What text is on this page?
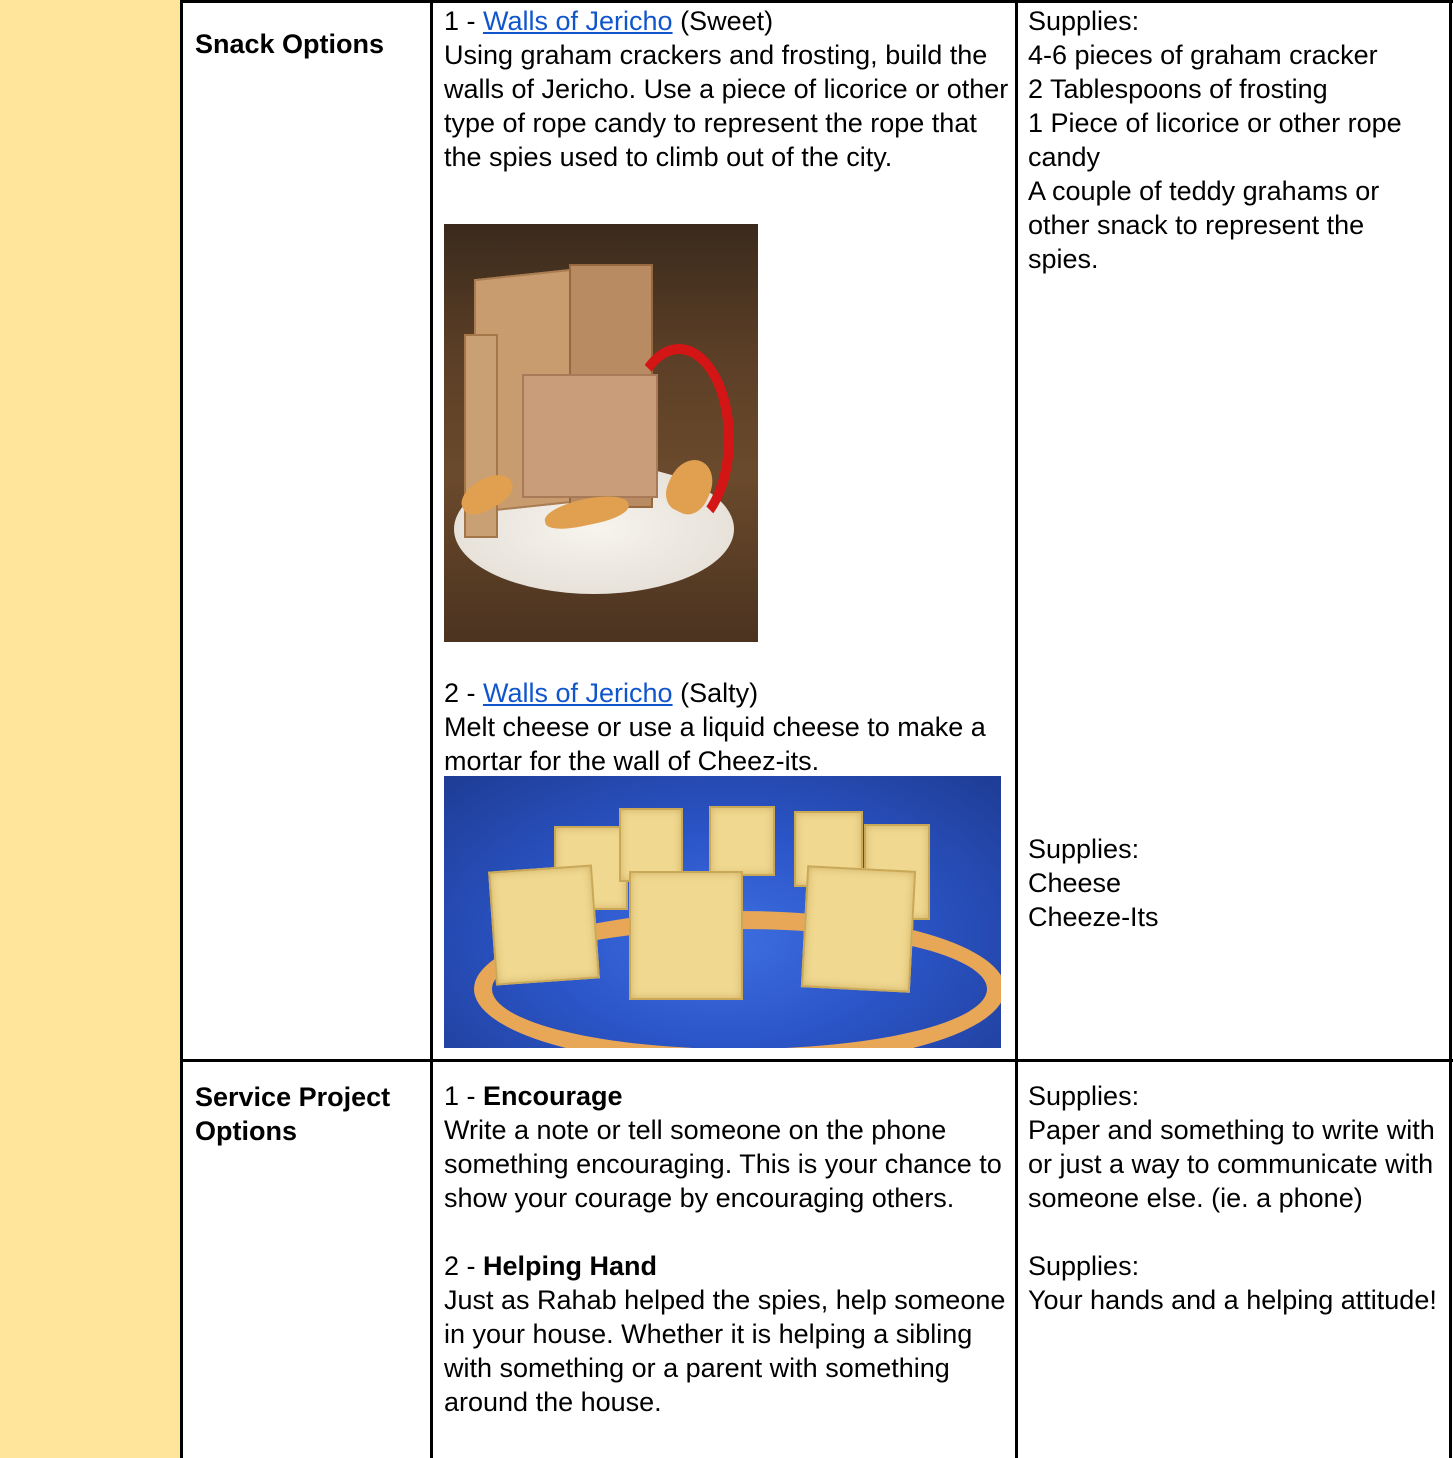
Snack Options
1 - Walls of Jericho (Sweet)
Using graham crackers and frosting, build the walls of Jericho. Use a piece of licorice or other type of rope candy to represent the rope that the spies used to climb out of the city.
2 - Walls of Jericho (Salty)
Melt cheese or use a liquid cheese to make a mortar for the wall of Cheez-its.
Supplies:
4-6 pieces of graham cracker
2 Tablespoons of frosting
1 Piece of licorice or other rope candy
A couple of teddy grahams or other snack to represent the spies.
Supplies:
Cheese
Cheeze-Its
Service Project Options
1 - Encourage
Write a note or tell someone on the phone something encouraging. This is your chance to show your courage by encouraging others.
2 - Helping Hand
Just as Rahab helped the spies, help someone in your house. Whether it is helping a sibling with something or a parent with something around the house.
Supplies:
Paper and something to write with or just a way to communicate with someone else. (ie. a phone)
Supplies:
Your hands and a helping attitude!
